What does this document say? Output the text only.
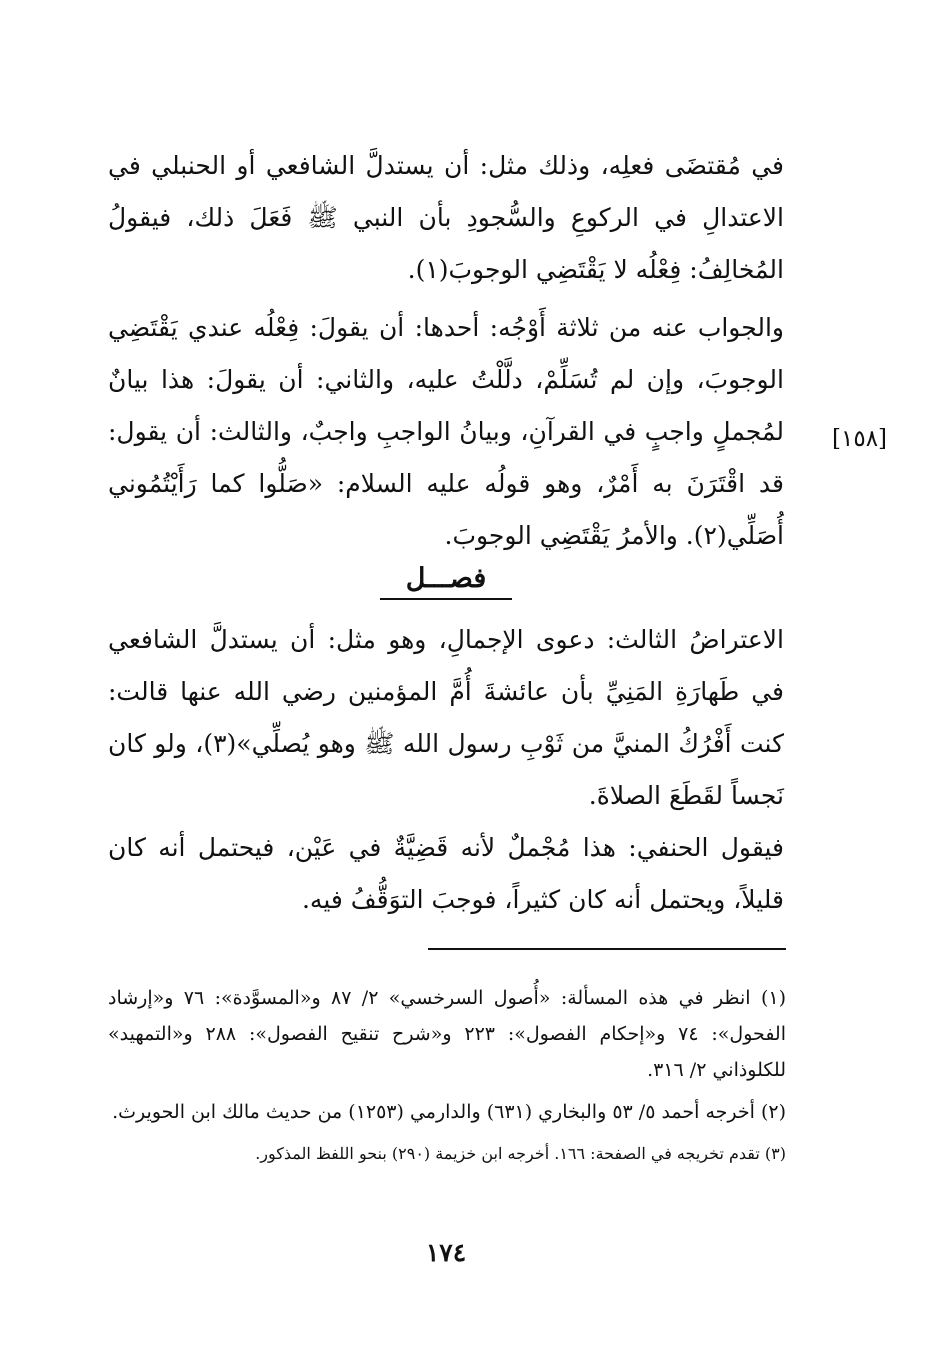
في مُقتضَى فعلِه، وذلك مثل: أن يستدلَّ الشافعي أو الحنبلي في الاعتدالِ في الركوعِ والسُّجودِ بأن النبي ﷺ فَعَلَ ذلك، فيقولُ المُخالِفُ: فِعْلُه لا يَقْتَضِي الوجوبَ(١).

والجواب عنه من ثلاثة أَوْجُه: أحدها: أن يقولَ: فِعْلُه عندي يَقْتَضِي الوجوبَ، وإن لم تُسَلِّمْ، دلَّلْتُ عليه، والثاني: أن يقولَ: هذا بيانٌ لمُجملٍ واجبٍ في القرآنِ، وبيانُ الواجبِ واجبٌ، والثالث: أن يقول: قد اقْتَرَنَ به أَمْرٌ، وهو قولُه عليه السلام: «صَلُّوا كما رَأَيْتُمُوني أُصَلِّي(٢). والأمرُ يَقْتَضِي الوجوبَ.

[١٥٨]
فصـــل

الاعتراضُ الثالث: دعوى الإجمالِ، وهو مثل: أن يستدلَّ الشافعي في طَهارَةِ المَنِيِّ بأن عائشةَ أُمَّ المؤمنين رضي الله عنها قالت: كنت أَفْرُكُ المنيَّ من ثَوْبِ رسول الله ﷺ وهو يُصلِّي»(٣)، ولو كان نَجساً لقَطَعَ الصلاةَ.

فيقول الحنفي: هذا مُجْملٌ لأنه قَضِيَّةٌ في عَيْن، فيحتمل أنه كان قليلاً، ويحتمل أنه كان كثيراً، فوجبَ التوَقُّفُ فيه.

(١) انظر في هذه المسألة: «أُصول السرخسي» ٢/ ٨٧ و«المسوَّدة»: ٧٦ و«إرشاد الفحول»: ٧٤ و«إحكام الفصول»: ٢٢٣ و«شرح تنقيح الفصول»: ٢٨٨ و«التمهيد» للكلوذاني ٢/ ٣١٦.

(٢) أخرجه أحمد ٥/ ٥٣ والبخاري (٦٣١) والدارمي (١٢٥٣) من حديث مالك ابن الحويرث.

(٣) تقدم تخريجه في الصفحة: ١٦٦. أخرجه ابن خزيمة (٢٩٠) بنحو اللفظ المذكور.

١٧٤
